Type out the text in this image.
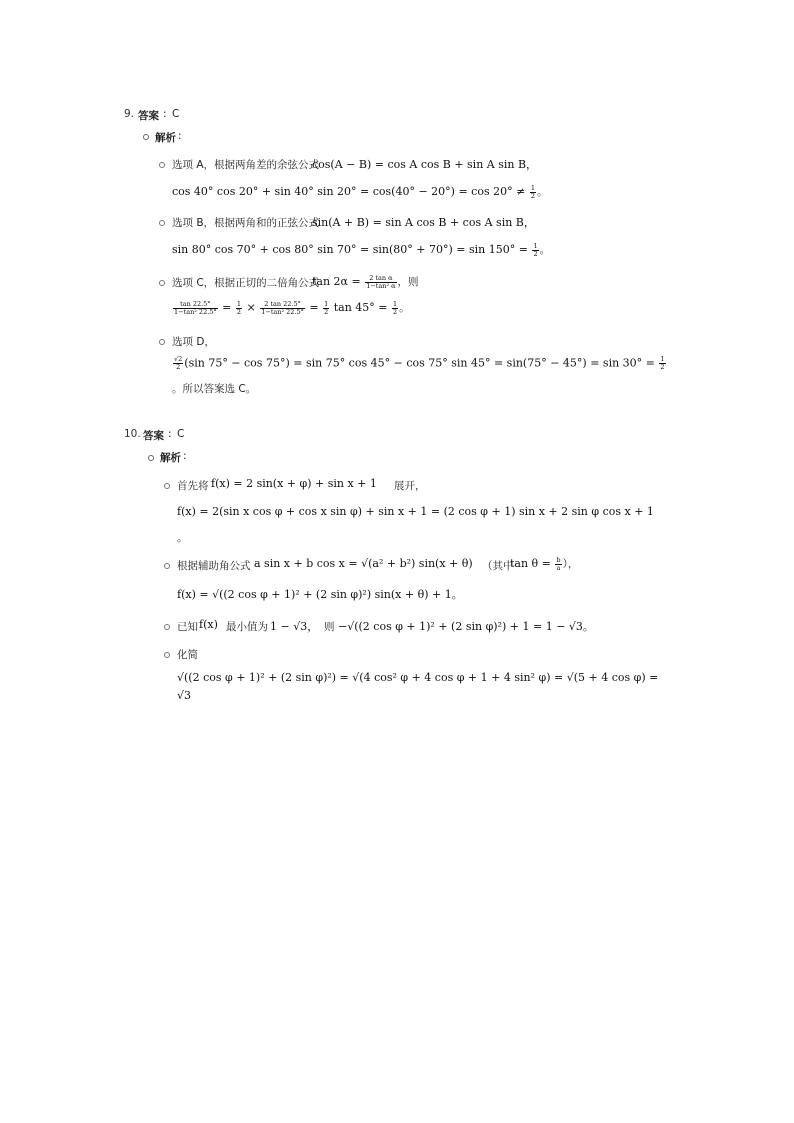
9. 答案 : C
解析 :
选项 A，根据两角差的余弦公式
cos(A − B) = cos A cos B + sin A sin B，
cos 40° cos 20° + sin 40° $\sin 20^\circ = \cos(40^\circ - 20^\circ) = \cos 20^\circ \ne \frac{1}{2}$ 。
选项 B，根据两角和的正弦公式
sin(A + B) = sin A cos B + cos A sin B，
sin 80° cos 70° + cos 80° $\sin 70^\circ = \sin(80^\circ + 70^\circ) = \sin 150^\circ = \frac{1}{2}$ 。
选项 C，根据正切的二倍角公式
$\tan 2\alpha = \frac{\text{2 tan α}}{\text{1−tan² α}}$ ，则
$\frac{\tan 22.5^\circ}{\text{1−tan² 22.5°}} = \frac{1}{2} \times \frac{2 \tan 22.5^\circ}{\text{1−tan² 22.5°}} = \frac{1}{2}$ $\tan 45^\circ = \frac{1}{2}$ 。
选项 D，
$\frac{√2}{2} (\sin$ 75° − cos 75°) = sin 75° cos 45° − cos 75° $\sin 45^\circ = \sin(75^\circ - 45^\circ) = \sin 30^\circ = \frac{1}{2}$
。所以答案选 C。
10. 答案 : C
解析 :
首先将 f(x) = 2 sin(x + φ) + sin x + 1 展开，
f(x) = 2(sin x cos φ + cos x sin φ) + sin x + 1 = (2 cos φ + 1) sin x + 2 sin φ cos x + 1
。
根据辅助角公式 a sin x + b cos x = √(a² + b²) sin(x + θ) （其中
$\tan \theta = \frac{b}{a}$ ），
f(x) = √((2 cos φ + 1)² + (2 sin φ)²) sin(x + θ) + 1。
已知 f(x) 最小值为 1 − √3， 则 −√((2 cos φ + 1)² + (2 sin φ)²) + 1 = 1 − √3。
化简
√((2 cos φ + 1)² + (2 sin φ)²) = √(4 cos² φ + 4 cos φ + 1 + 4 sin² φ) = √(5 + 4 cos φ) =
√3
